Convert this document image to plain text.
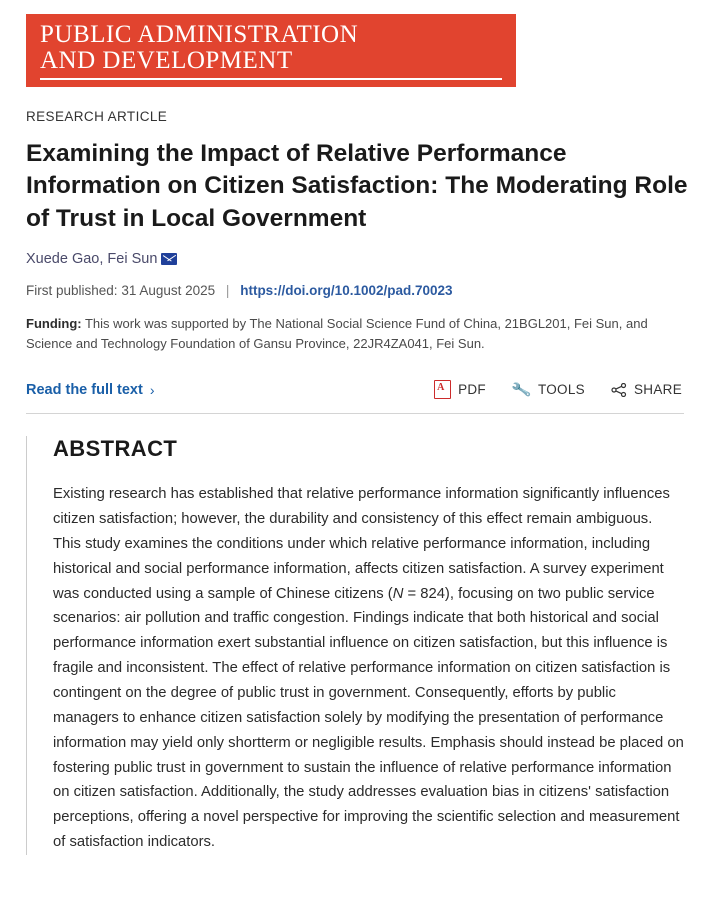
PUBLIC ADMINISTRATION
AND DEVELOPMENT
RESEARCH ARTICLE
Examining the Impact of Relative Performance Information on Citizen Satisfaction: The Moderating Role of Trust in Local Government
Xuede Gao, Fei Sun
First published: 31 August 2025 | https://doi.org/10.1002/pad.70023
Funding: This work was supported by The National Social Science Fund of China, 21BGL201, Fei Sun, and Science and Technology Foundation of Gansu Province, 22JR4ZA041, Fei Sun.
Read the full text › A	PDF 🔧 TOOLS	SHARE
ABSTRACT

Existing research has established that relative performance information significantly influences citizen satisfaction; however, the durability and consistency of this effect remain ambiguous. This study examines the conditions under which relative performance information, including historical and social performance information, affects citizen satisfaction. A survey experiment was conducted using a sample of Chinese citizens (N = 824), focusing on two public service scenarios: air pollution and traffic congestion. Findings indicate that both historical and social performance information exert substantial influence on citizen satisfaction, but this influence is fragile and inconsistent. The effect of relative performance information on citizen satisfaction is contingent on the degree of public trust in government. Consequently, efforts by public managers to enhance citizen satisfaction solely by modifying the presentation of performance information may yield only shortterm or negligible results. Emphasis should instead be placed on fostering public trust in government to sustain the influence of relative performance information on citizen satisfaction. Additionally, the study addresses evaluation bias in citizens' satisfaction perceptions, offering a novel perspective for improving the scientific selection and measurement of satisfaction indicators.
